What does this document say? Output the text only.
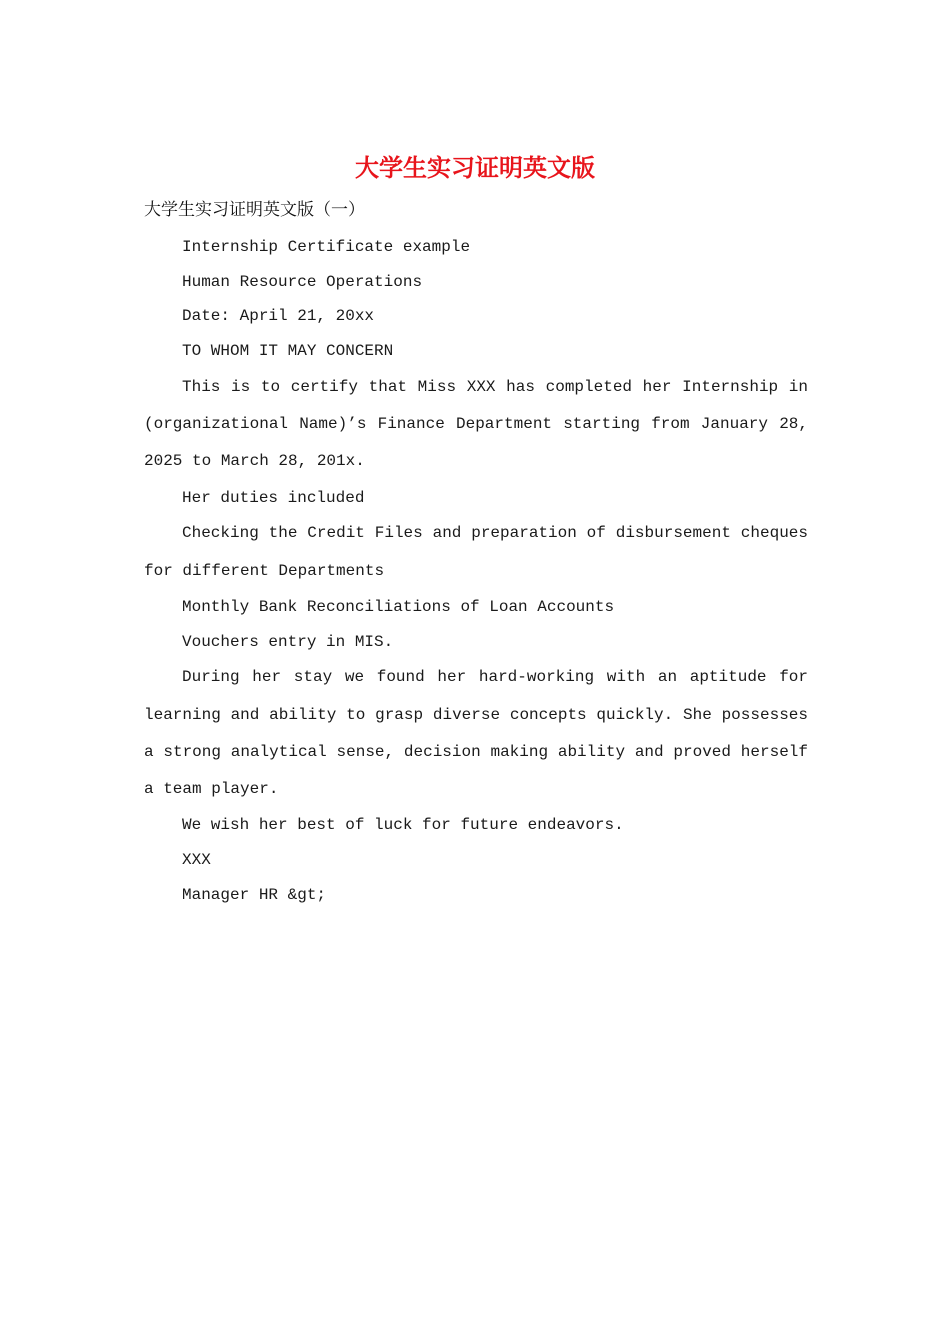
大学生实习证明英文版

大学生实习证明英文版（一）

Internship Certificate example

Human Resource Operations

Date: April 21, 20xx

TO WHOM IT MAY CONCERN

This is to certify that Miss XXX has completed her Internship in (organizational Name)’s Finance Department starting from January 28, 2025 to March 28, 201x.

Her duties included

Checking the Credit Files and preparation of disbursement cheques for different Departments

Monthly Bank Reconciliations of Loan Accounts

Vouchers entry in MIS.

During her stay we found her hard-working with an aptitude for learning and ability to grasp diverse concepts quickly. She possesses a strong analytical sense, decision making ability and proved herself a team player.

We wish her best of luck for future endeavors.

XXX

Manager HR &gt;
